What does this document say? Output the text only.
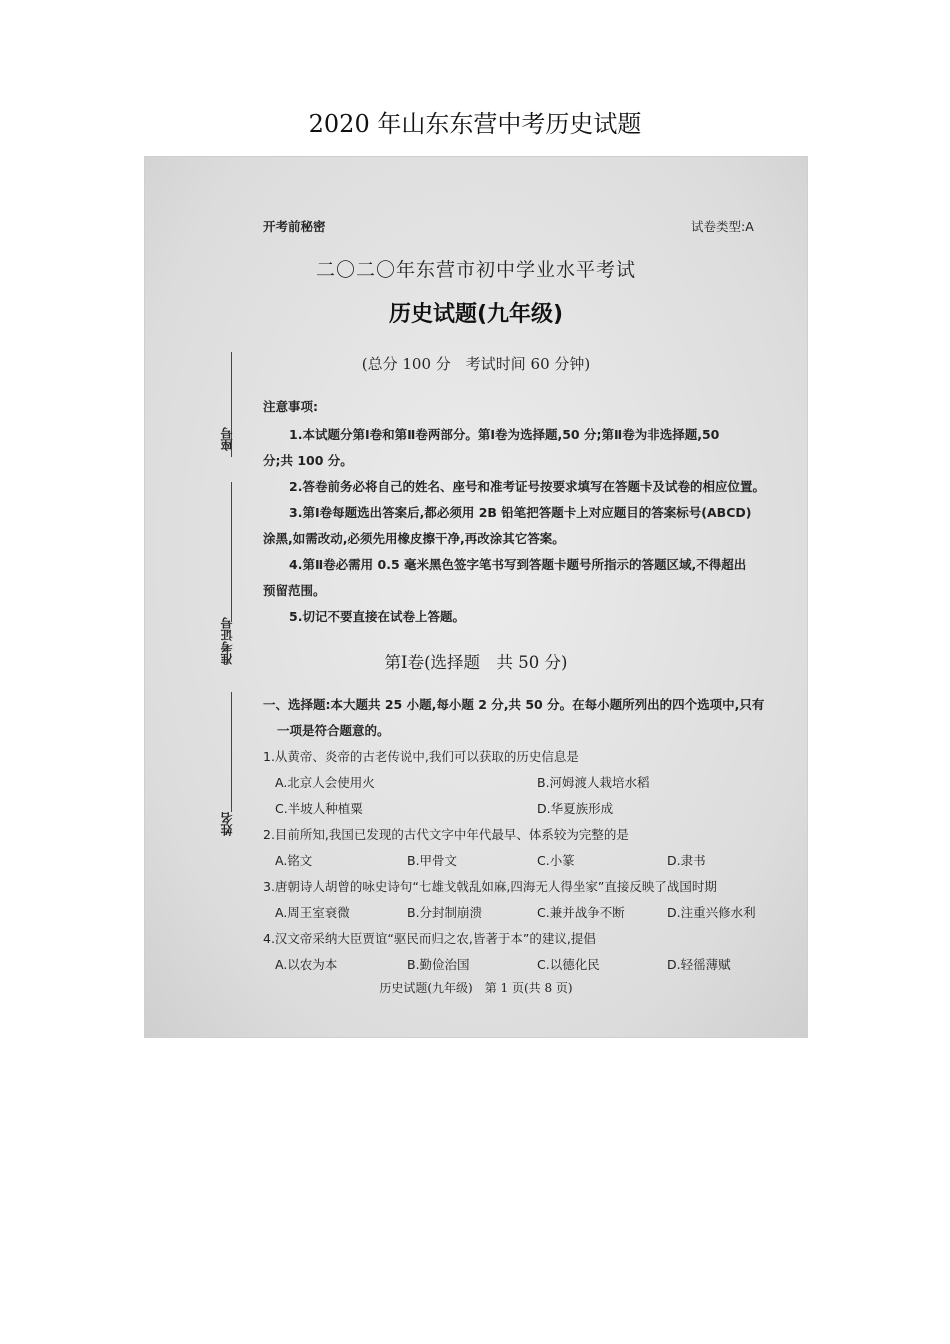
2020 年山东东营中考历史试题
开考前秘密	试卷类型:A
二〇二〇年东营市初中学业水平考试
历史试题(九年级)
(总分 100 分　考试时间 60 分钟)
座号
准考证号
姓名
注意事项:
1.本试题分第Ⅰ卷和第Ⅱ卷两部分。第Ⅰ卷为选择题,50 分;第Ⅱ卷为非选择题,50
分;共 100 分。
2.答卷前务必将自己的姓名、座号和准考证号按要求填写在答题卡及试卷的相应位置。
3.第Ⅰ卷每题选出答案后,都必须用 2B 铅笔把答题卡上对应题目的答案标号(ABCD)
涂黑,如需改动,必须先用橡皮擦干净,再改涂其它答案。
4.第Ⅱ卷必需用 0.5 毫米黑色签字笔书写到答题卡题号所指示的答题区域,不得超出
预留范围。
5.切记不要直接在试卷上答题。
第Ⅰ卷(选择题　共 50 分)
一、选择题:本大题共 25 小题,每小题 2 分,共 50 分。在每小题所列出的四个选项中,只有
一项是符合题意的。
1.从黄帝、炎帝的古老传说中,我们可以获取的历史信息是
A.北京人会使用火	B.河姆渡人栽培水稻
C.半坡人种植粟	D.华夏族形成
2.目前所知,我国已发现的古代文字中年代最早、体系较为完整的是
A.铭文	B.甲骨文	C.小篆	D.隶书
3.唐朝诗人胡曾的咏史诗句“七雄戈戟乱如麻,四海无人得坐家”直接反映了战国时期
A.周王室衰微	B.分封制崩溃	C.兼并战争不断	D.注重兴修水利
4.汉文帝采纳大臣贾谊“驱民而归之农,皆著于本”的建议,提倡
A.以农为本	B.勤俭治国	C.以德化民	D.轻徭薄赋
历史试题(九年级)　第 1 页(共 8 页)
